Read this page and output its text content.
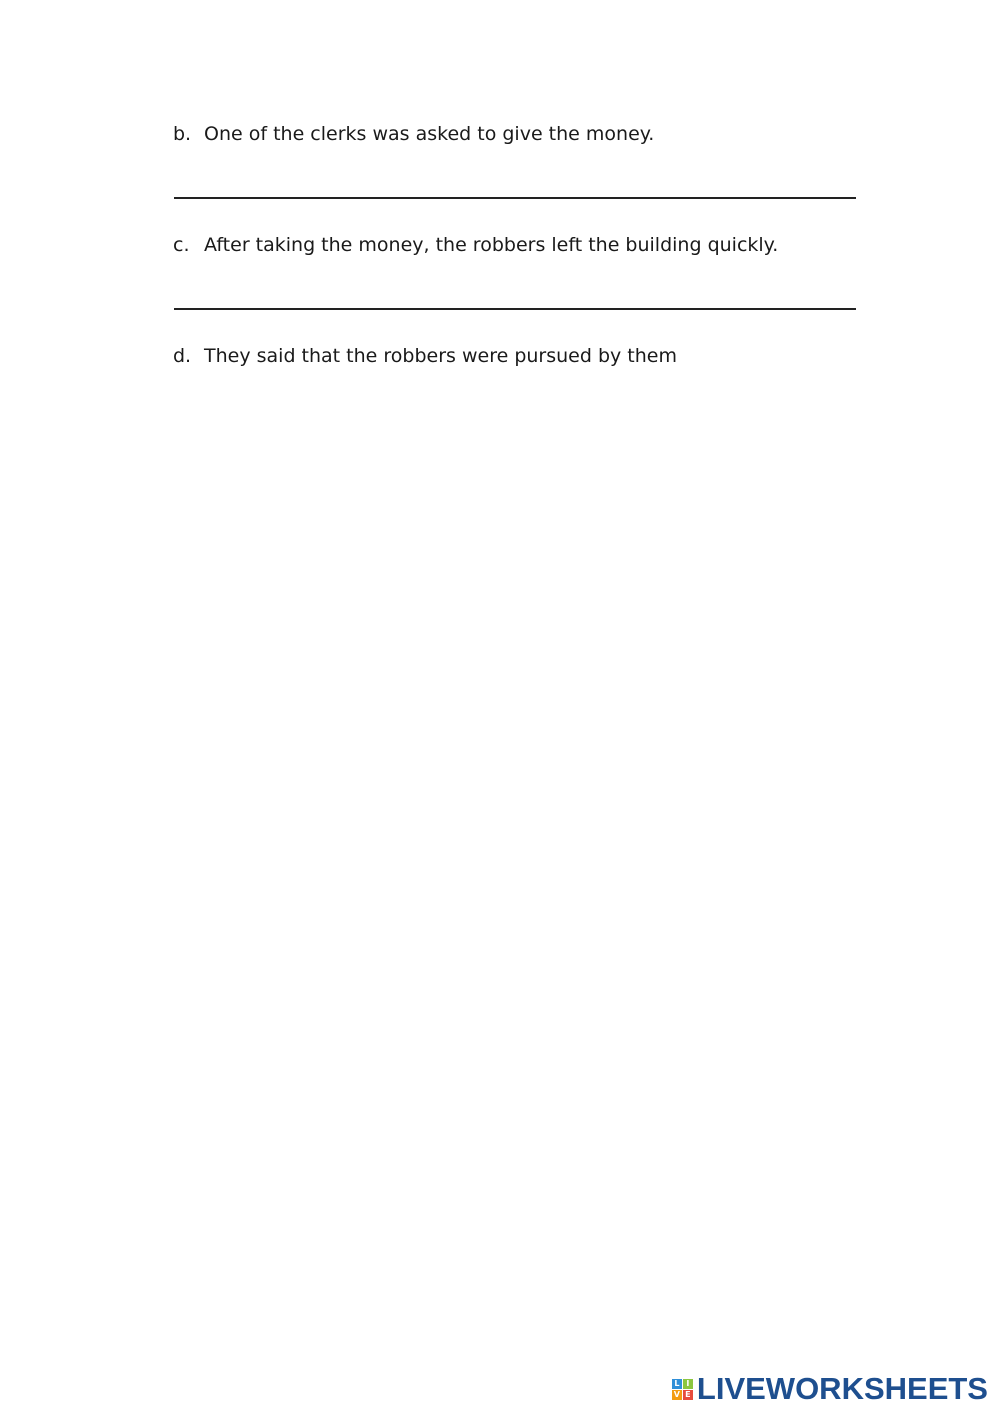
b. One of the clerks was asked to give the money.
c. After taking the money, the robbers left the building quickly.
d. They said that the robbers were pursued by them
L I
V E LIVEWORKSHEETS
